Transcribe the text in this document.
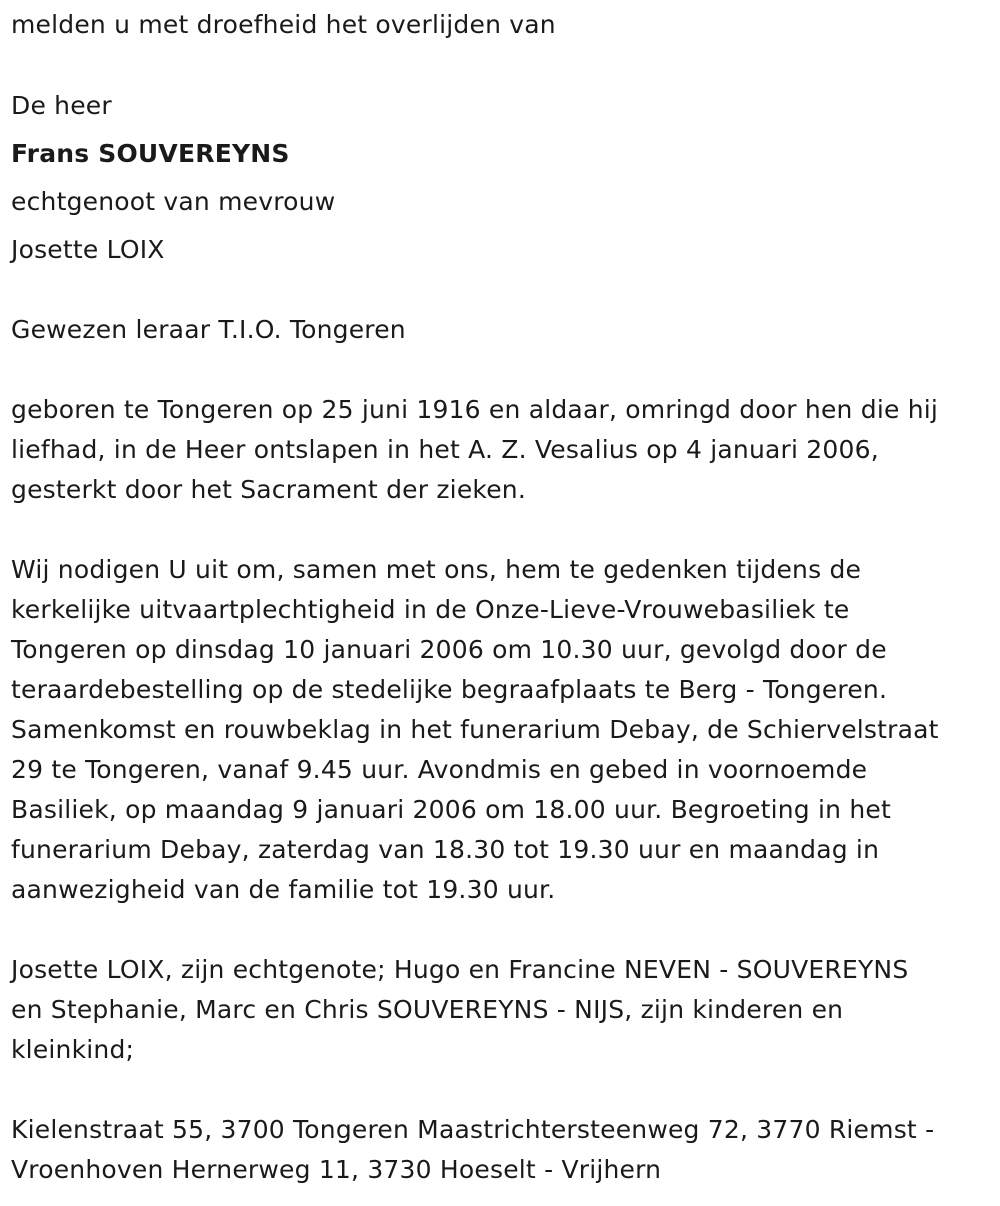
melden u met droefheid het overlijden van
De heer
Frans SOUVEREYNS
echtgenoot van mevrouw
Josette LOIX
Gewezen leraar T.I.O. Tongeren
geboren te Tongeren op 25 juni 1916 en aldaar, omringd door hen die hij
liefhad, in de Heer ontslapen in het A. Z. Vesalius op 4 januari 2006,
gesterkt door het Sacrament der zieken.
Wij nodigen U uit om, samen met ons, hem te gedenken tijdens de
kerkelijke uitvaartplechtigheid in de Onze-Lieve-Vrouwebasiliek te
Tongeren op dinsdag 10 januari 2006 om 10.30 uur, gevolgd door de
teraardebestelling op de stedelijke begraafplaats te Berg - Tongeren.
Samenkomst en rouwbeklag in het funerarium Debay, de Schiervelstraat
29 te Tongeren, vanaf 9.45 uur. Avondmis en gebed in voornoemde
Basiliek, op maandag 9 januari 2006 om 18.00 uur. Begroeting in het
funerarium Debay, zaterdag van 18.30 tot 19.30 uur en maandag in
aanwezigheid van de familie tot 19.30 uur.
Josette LOIX, zijn echtgenote; Hugo en Francine NEVEN - SOUVEREYNS
en Stephanie, Marc en Chris SOUVEREYNS - NIJS, zijn kinderen en
kleinkind;
Kielenstraat 55, 3700 Tongeren Maastrichtersteenweg 72, 3770 Riemst -
Vroenhoven Hernerweg 11, 3730 Hoeselt - Vrijhern
